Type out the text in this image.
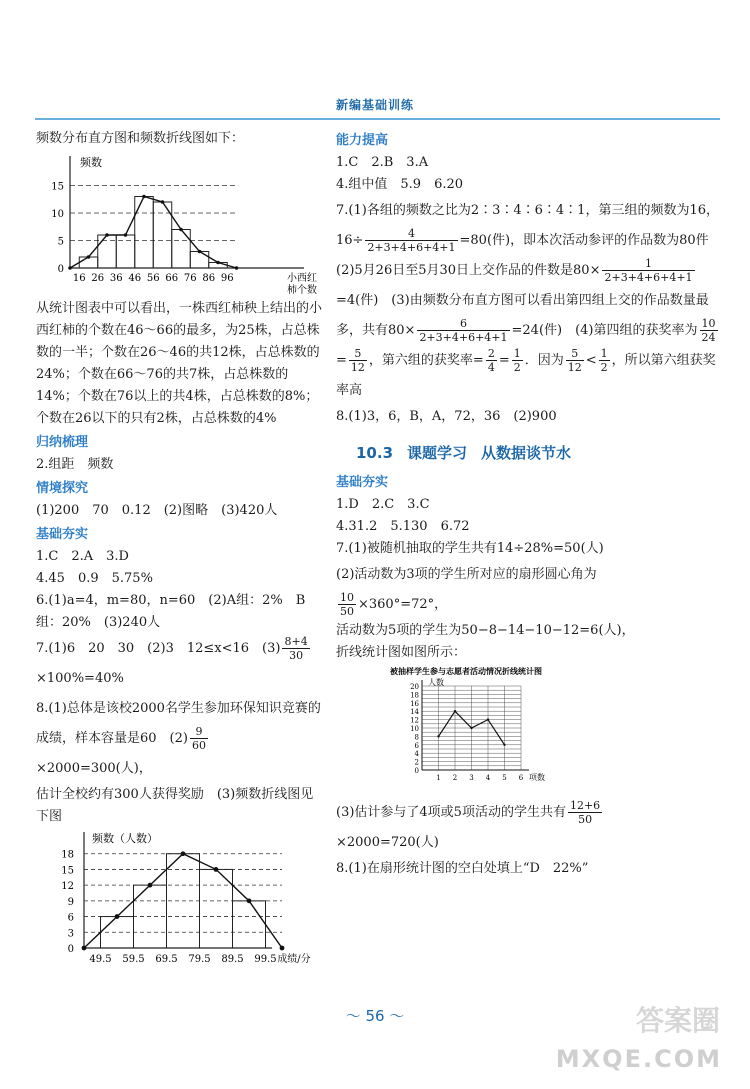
新编基础训练

频数分布直方图和频数折线图如下：

频数
0
5
10
15
16 26 36 46 56 66 76 86 96	小西红
柿个数

从统计图表中可以看出，一株西红柿秧上结出的小西红柿的个数在46～66的最多，为25株，占总株数的一半；个数在26～46的共12株，占总株数的24%；个数在66～76的共7株，占总株数的14%；个数在76以上的共4株，占总株数的8%；个数在26以下的只有2株，占总株数的4%

归纳梳理

2.组距　频数

情境探究

(1)200　70　0.12　(2)图略　(3)420人

基础夯实

1.C　2.A　3.D

4.45　0.9　5.75%

6.(1)a=4，m=80，n=60　(2)A组：2%　B组：20%　(3)240人

7.(1)6　20　30　(2)3　12≤x<16　$(3) \frac{8+4}{30}$

×100%=40%

8.(1)总体是该校2000名学生参加环保知识竞赛的成绩，样本容量是60　$(2) \frac{9}{60}$
×2000=300(人)，

估计全校约有300人获得奖励　(3)频数折线图见下图

频数（人数）
0
3
6
9
12
15
18
49.5 59.5 69.5 79.5 89.5 99.5 成绩/分

能力提高

1.C　2.B　3.A

4.组中值　5.9　6.20

7.(1)各组的频数之比为2∶3∶4∶6∶4∶1，第三组的频数为16，$16\div \frac{4}{2+3+4+6+4+1} =80$(件)，即本次活动参评的作品数为80件　(2)5月26日至5月30日上交作品的件数是$80\times \frac{1}{2+3+4+6+4+1}$
=4(件)　(3)由频数分布直方图可以看出第四组上交的作品数量最多，共有$80\times \frac{6}{2+3+4+6+4+1} =24$(件)　(4)第四组的获奖率为 $\frac{10}{24}$
= $\frac{5}{12}$ ，第六组的获奖率= $\frac{2}{4} = \frac{1}{2}$ ．因为 $\frac{5}{12} < \frac{1}{2}$ ，所以第六组获奖率高

8.(1)3，6，B，A，72，36　(2)900

10.3 课题学习 从数据谈节水

基础夯实

1.D　2.C　3.C

4.31.2　5.130　6.72

7.(1)被随机抽取的学生共有14÷28%=50(人)

(2)活动数为3项的学生所对应的扇形圆心角为

$\frac{10}{50} \times 360^\circ=72^\circ$，

活动数为5项的学生为50−8−14−10−12=6(人)，

折线统计图如图所示：

被抽样学生参与志愿者活动情况折线统计图
人数
0
2
4
6
8
10
12
14
16
18
20
1 2 3 4 5 6 项数

(3)估计参与了4项或5项活动的学生共有 $\frac{12+6}{50}$

×2000=720(人)

8.(1)在扇形统计图的空白处填上“D　22%”

～ 56 ～	答案圈
MXQE.COM
